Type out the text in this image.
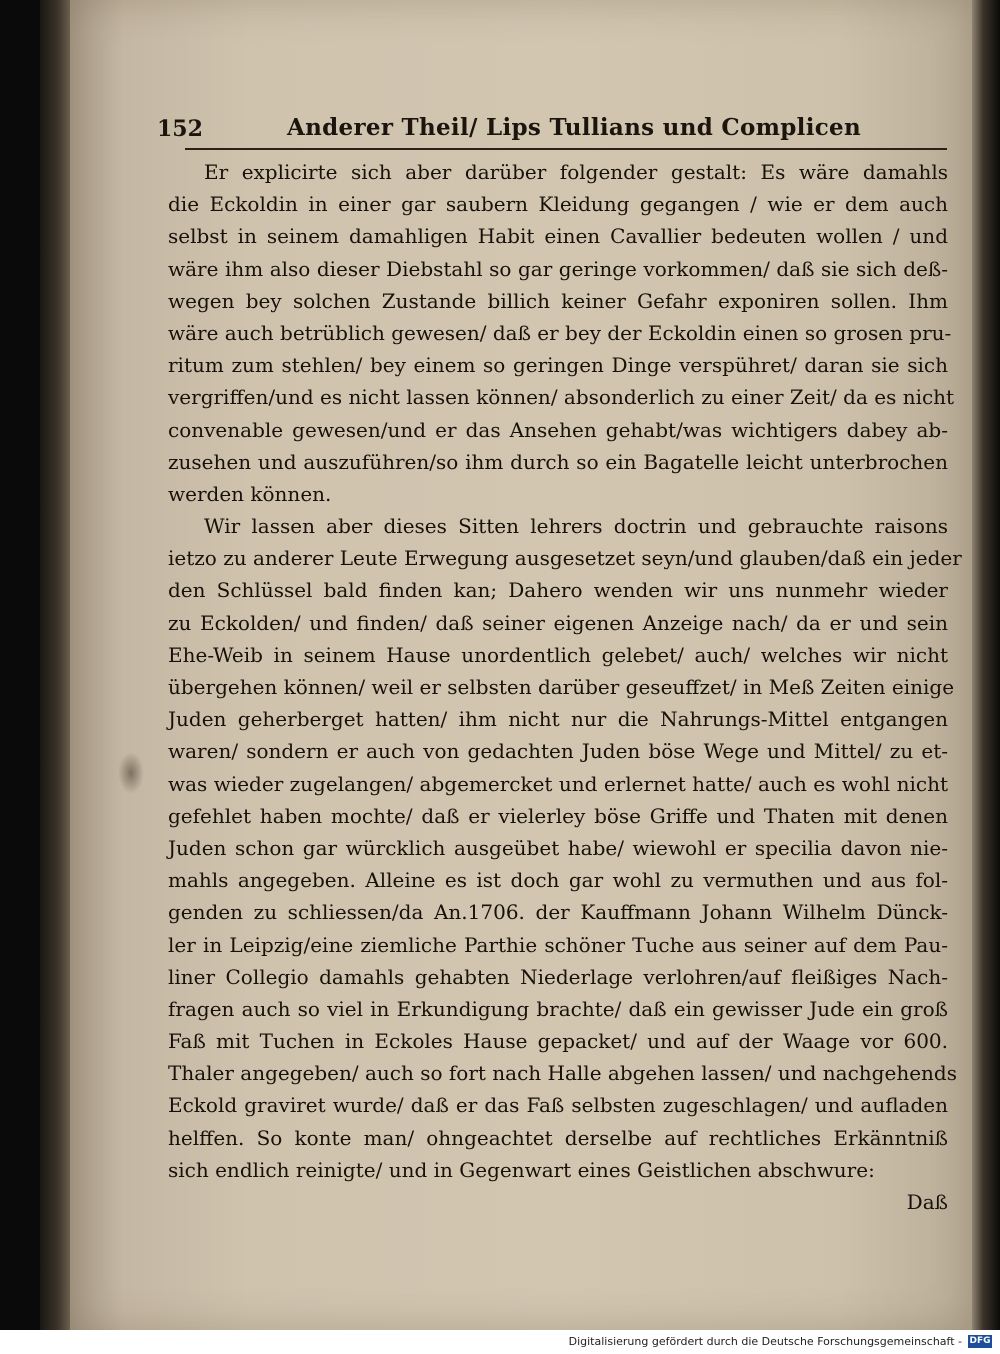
152	Anderer Theil/ Lips Tullians und Complicen
Er explicirte sich aber darüber folgender gestalt: Es wäre damahls
die Eckoldin in einer gar saubern Kleidung gegangen / wie er dem auch
selbst in seinem damahligen Habit einen Cavallier bedeuten wollen / und
wäre ihm also dieser Diebstahl so gar geringe vorkommen/ daß sie sich deß-
wegen bey solchen Zustande billich keiner Gefahr exponiren sollen. Ihm
wäre auch betrüblich gewesen/ daß er bey der Eckoldin einen so grosen pru-
ritum zum stehlen/ bey einem so geringen Dinge verspühret/ daran sie sich
vergriffen/und es nicht lassen können/ absonderlich zu einer Zeit/ da es nicht
convenable gewesen/und er das Ansehen gehabt/was wichtigers dabey ab-
zusehen und auszuführen/so ihm durch so ein Bagatelle leicht unterbrochen
werden können.
Wir lassen aber dieses Sitten lehrers doctrin und gebrauchte raisons
ietzo zu anderer Leute Erwegung ausgesetzet seyn/und glauben/daß ein jeder
den Schlüssel bald finden kan; Dahero wenden wir uns nunmehr wieder
zu Eckolden/ und finden/ daß seiner eigenen Anzeige nach/ da er und sein
Ehe-Weib in seinem Hause unordentlich gelebet/ auch/ welches wir nicht
übergehen können/ weil er selbsten darüber geseuffzet/ in Meß Zeiten einige
Juden geherberget hatten/ ihm nicht nur die Nahrungs-Mittel entgangen
waren/ sondern er auch von gedachten Juden böse Wege und Mittel/ zu et-
was wieder zugelangen/ abgemercket und erlernet hatte/ auch es wohl nicht
gefehlet haben mochte/ daß er vielerley böse Griffe und Thaten mit denen
Juden schon gar würcklich ausgeübet habe/ wiewohl er specilia davon nie-
mahls angegeben. Alleine es ist doch gar wohl zu vermuthen und aus fol-
genden zu schliessen/da An.1706. der Kauffmann Johann Wilhelm Dünck-
ler in Leipzig/eine ziemliche Parthie schöner Tuche aus seiner auf dem Pau-
liner Collegio damahls gehabten Niederlage verlohren/auf fleißiges Nach-
fragen auch so viel in Erkundigung brachte/ daß ein gewisser Jude ein groß
Faß mit Tuchen in Eckoles Hause gepacket/ und auf der Waage vor 600.
Thaler angegeben/ auch so fort nach Halle abgehen lassen/ und nachgehends
Eckold graviret wurde/ daß er das Faß selbsten zugeschlagen/ und aufladen
helffen. So konte man/ ohngeachtet derselbe auf rechtliches Erkänntniß
sich endlich reinigte/ und in Gegenwart eines Geistlichen abschwure:
Daß
Digitalisierung gefördert durch die Deutsche Forschungsgemeinschaft - DFG
